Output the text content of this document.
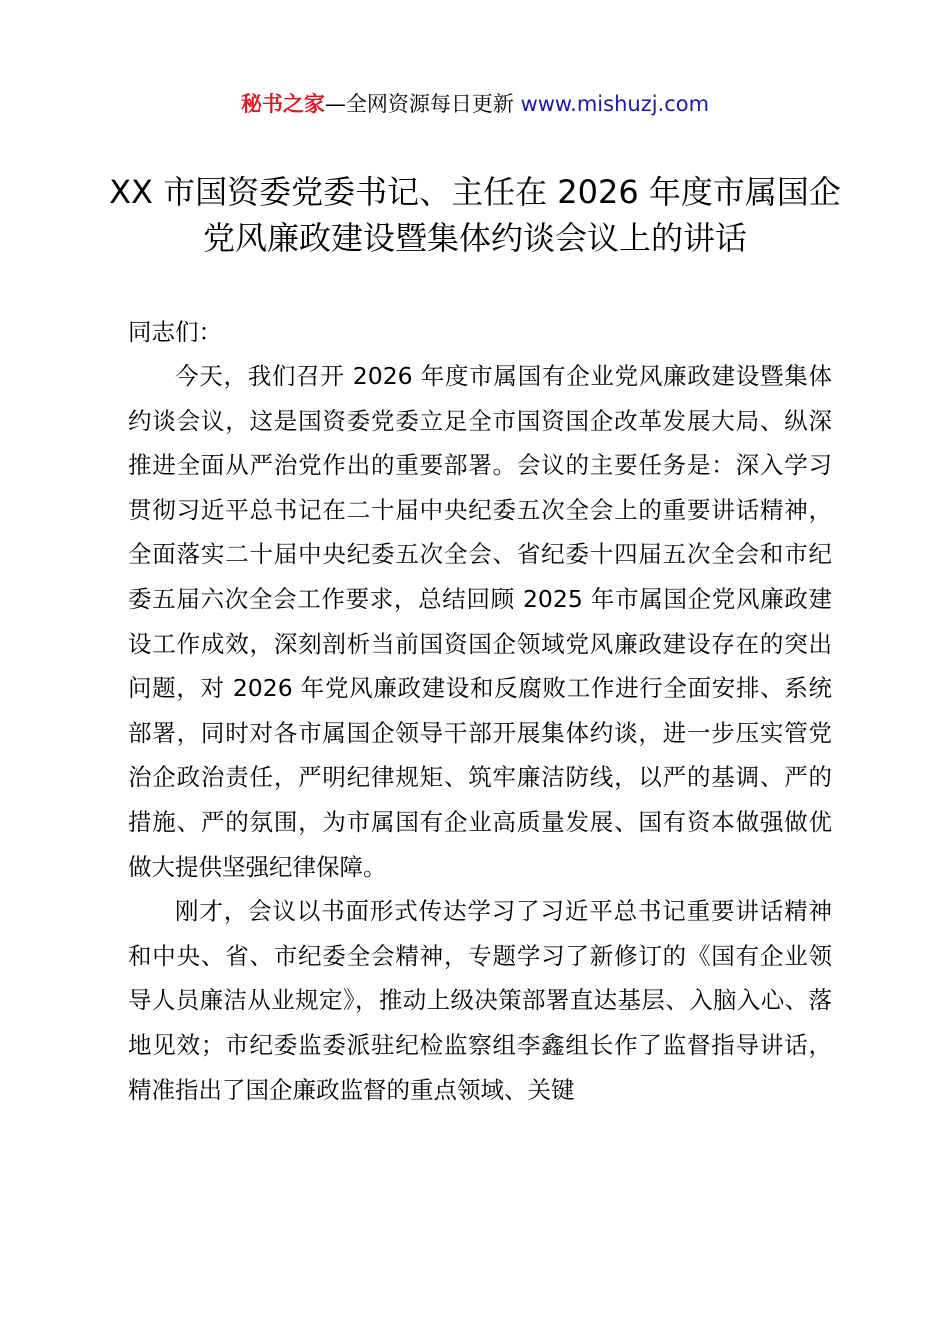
秘书之家—全网资源每日更新 www.mishuzj.com
XX 市国资委党委书记、主任在 2026 年度市属国企党风廉政建设暨集体约谈会议上的讲话

同志们：

今天，我们召开 2026 年度市属国有企业党风廉政建设暨集体约谈会议，这是国资委党委立足全市国资国企改革发展大局、纵深推进全面从严治党作出的重要部署。会议的主要任务是：深入学习贯彻习近平总书记在二十届中央纪委五次全会上的重要讲话精神，全面落实二十届中央纪委五次全会、省纪委十四届五次全会和市纪委五届六次全会工作要求，总结回顾 2025 年市属国企党风廉政建设工作成效，深刻剖析当前国资国企领域党风廉政建设存在的突出问题，对 2026 年党风廉政建设和反腐败工作进行全面安排、系统部署，同时对各市属国企领导干部开展集体约谈，进一步压实管党治企政治责任，严明纪律规矩、筑牢廉洁防线，以严的基调、严的措施、严的氛围，为市属国有企业高质量发展、国有资本做强做优做大提供坚强纪律保障。

刚才，会议以书面形式传达学习了习近平总书记重要讲话精神和中央、省、市纪委全会精神，专题学习了新修订的《国有企业领导人员廉洁从业规定》，推动上级决策部署直达基层、入脑入心、落地见效；市纪委监委派驻纪检监察组李鑫组长作了监督指导讲话，精准指出了国企廉政监督的重点领域、关键
